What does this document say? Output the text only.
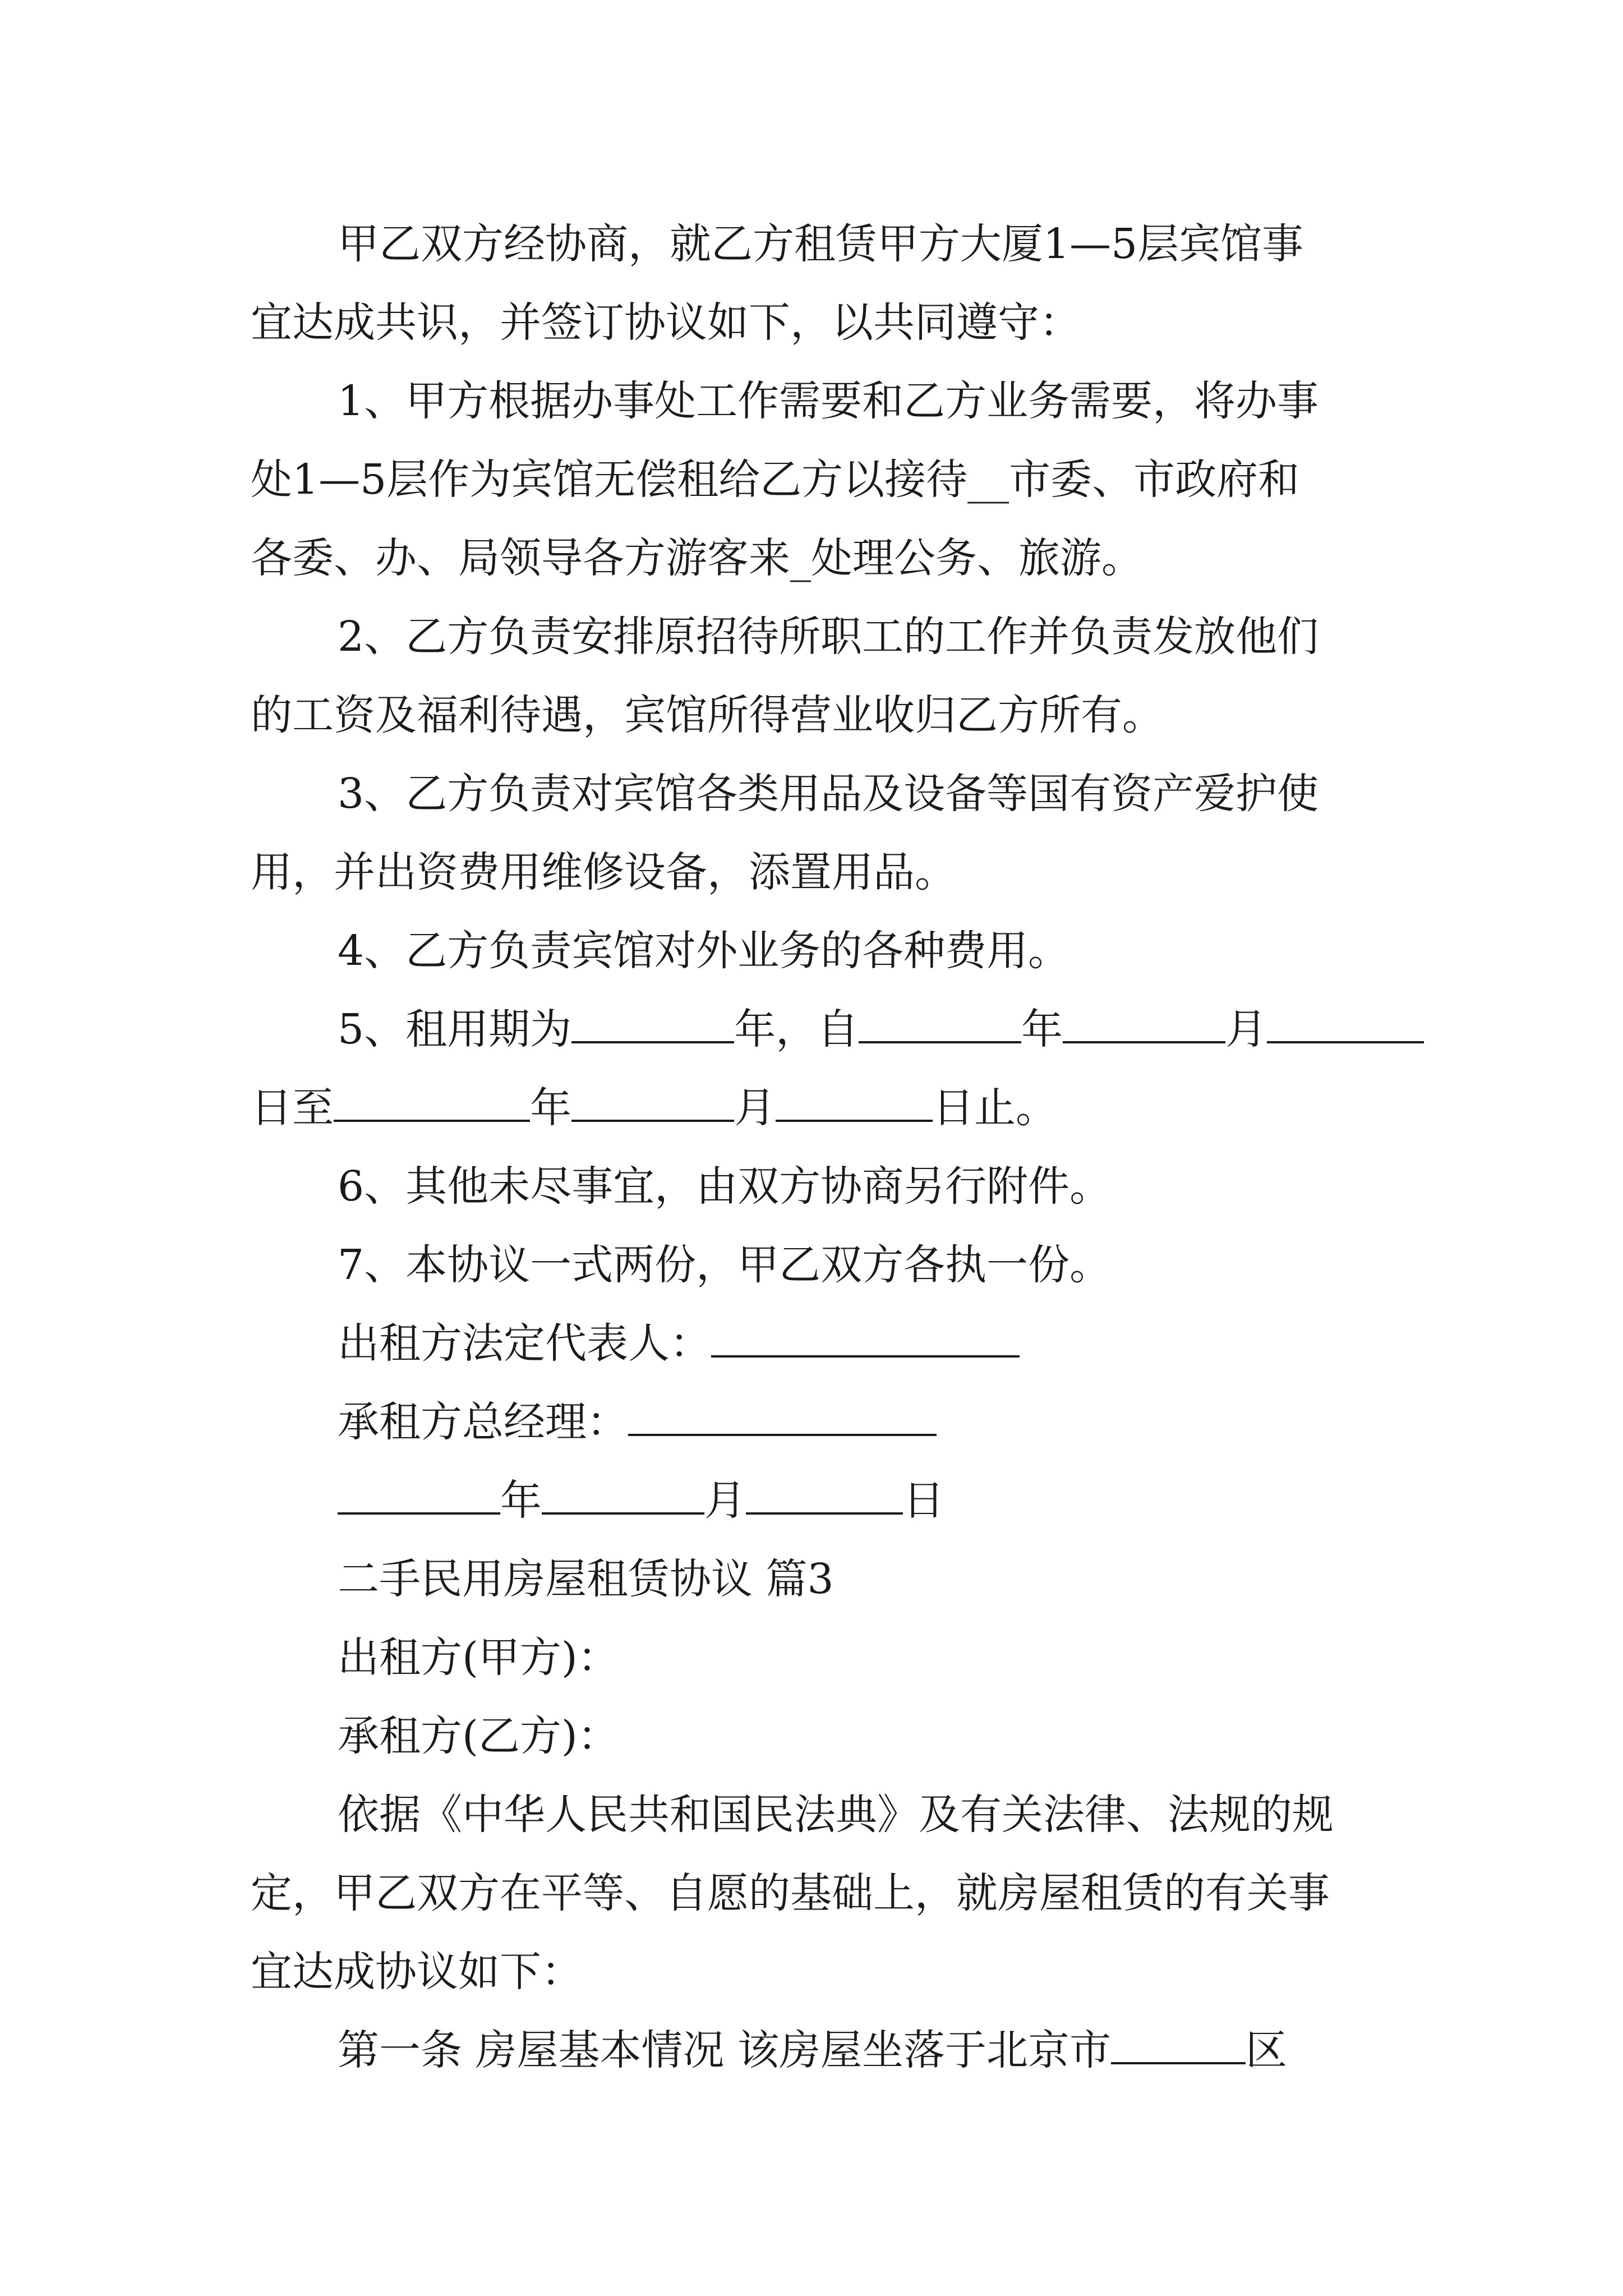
甲乙双方经协商，就乙方租赁甲方大厦1—5层宾馆事
宜达成共识，并签订协议如下，以共同遵守：
1、甲方根据办事处工作需要和乙方业务需要，将办事
处1—5层作为宾馆无偿租给乙方以接待__市委、市政府和
各委、办、局领导各方游客来_处理公务、旅游。
2、乙方负责安排原招待所职工的工作并负责发放他们
的工资及福利待遇，宾馆所得营业收归乙方所有。
3、乙方负责对宾馆各类用品及设备等国有资产爱护使
用，并出资费用维修设备，添置用品。
4、乙方负责宾馆对外业务的各种费用。
5、租用期为	年，自	年	月
日至	年	月	日止。
6、其他未尽事宜，由双方协商另行附件。
7、本协议一式两份，甲乙双方各执一份。
出租方法定代表人：
承租方总经理：
年	月	日
二手民用房屋租赁协议 篇3
出租方(甲方)：
承租方(乙方)：
依据《中华人民共和国民法典》及有关法律、法规的规
定，甲乙双方在平等、自愿的基础上，就房屋租赁的有关事
宜达成协议如下：
第一条 房屋基本情况 该房屋坐落于北京市	区
